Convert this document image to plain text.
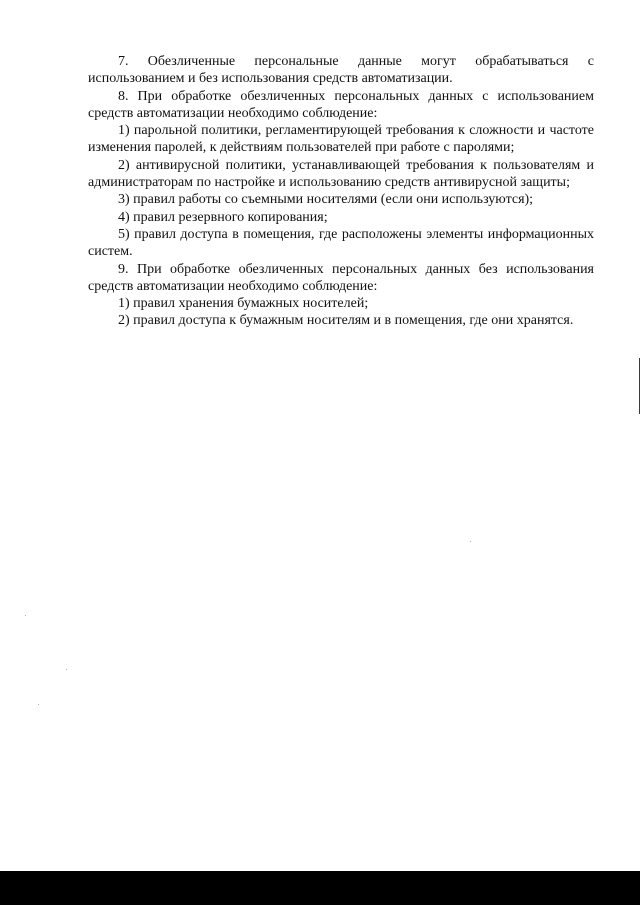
7. Обезличенные персональные данные могут обрабатываться с использованием и без использования средств автоматизации.

8. При обработке обезличенных персональных данных с использованием средств автоматизации необходимо соблюдение:

1) парольной политики, регламентирующей требования к сложности и частоте изменения паролей, к действиям пользователей при работе с паролями;

2) антивирусной политики, устанавливающей требования к пользователям и администраторам по настройке и использованию средств антивирусной защиты;

3) правил работы со съемными носителями (если они используются);

4) правил резервного копирования;

5) правил доступа в помещения, где расположены элементы информационных систем.

9. При обработке обезличенных персональных данных без использования средств автоматизации необходимо соблюдение:

1) правил хранения бумажных носителей;

2) правил доступа к бумажным носителям и в помещения, где они хранятся.
